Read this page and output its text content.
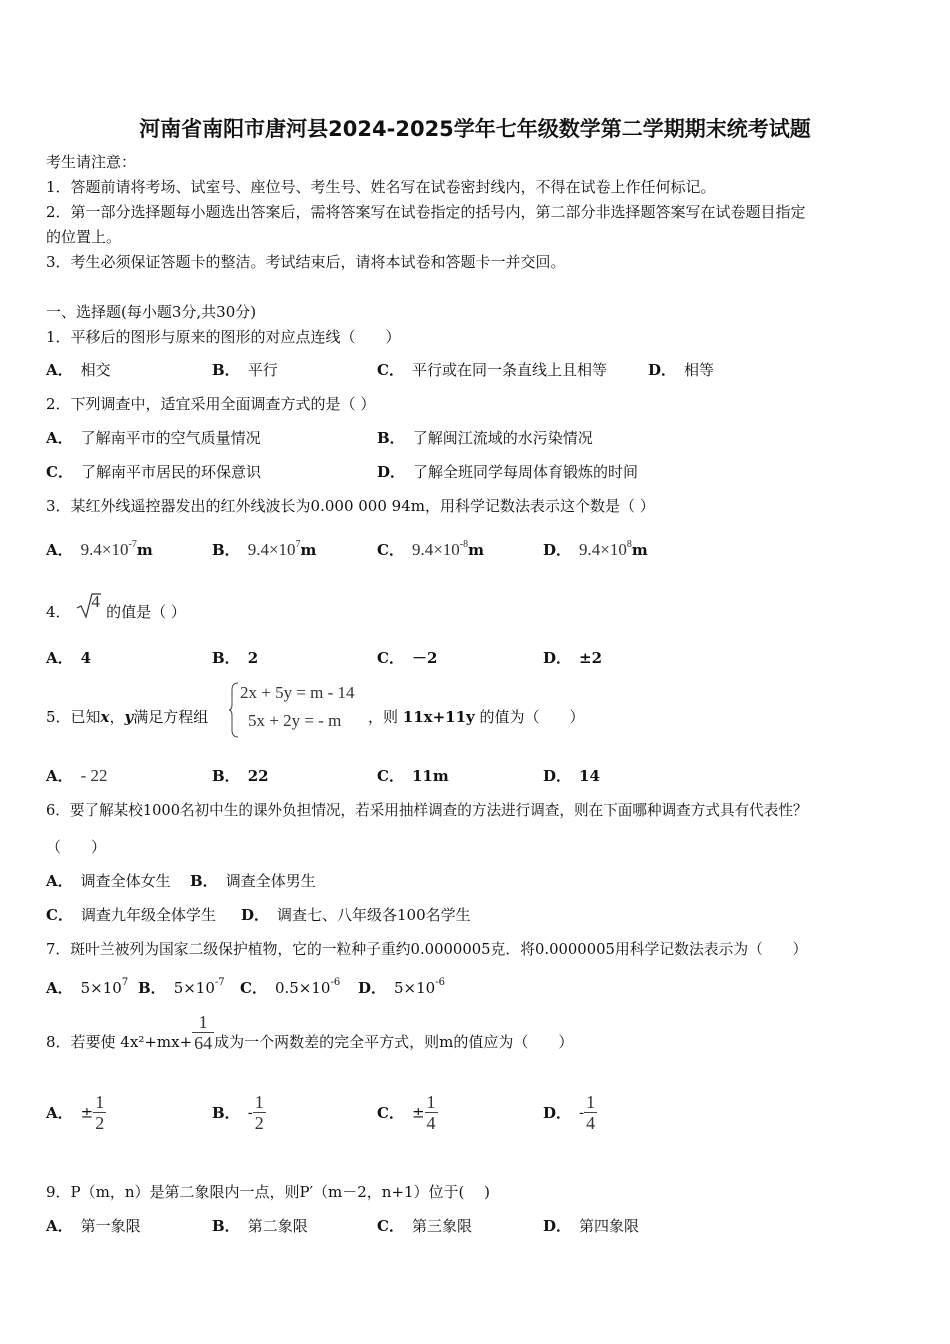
河南省南阳市唐河县2024-2025学年七年级数学第二学期期末统考试题
考生请注意：
1．答题前请将考场、试室号、座位号、考生号、姓名写在试卷密封线内，不得在试卷上作任何标记。
2．第一部分选择题每小题选出答案后，需将答案写在试卷指定的括号内，第二部分非选择题答案写在试卷题目指定
的位置上。
3．考生必须保证答题卡的整洁。考试结束后，请将本试卷和答题卡一并交回。
一、选择题(每小题3分,共30分)
1．平移后的图形与原来的图形的对应点连线（　　）
A． 相交	B． 平行	C． 平行或在同一条直线上且相等	D． 相等
2．下列调查中，适宜采用全面调查方式的是（ ）
A． 了解南平市的空气质量情况	B． 了解闽江流域的水污染情况
C． 了解南平市居民的环保意识	D． 了解全班同学每周体育锻炼的时间
3．某红外线遥控器发出的红外线波长为0.000 000 94m，用科学记数法表示这个数是（ ）
A． $9.4\times 10^{-7}m$	B． $9.4\times 10^7m$	C． $9.4\times 10^{-8}m$	D． $9.4\times 10^8m$
4．
4
的值是（ ）
A． 4	B． 2	C． －2	D． ±2
5．已知x，y满足方程组
2x + 5y = m - 14
5x + 2y = - m ，则 11x+11y 的值为（　　）
A． - 22	B． 22	C． 11m	D． 14
6．要了解某校1000名初中生的课外负担情况，若采用抽样调查的方法进行调查，则在下面哪种调查方式具有代表性？
（　　）
A． 调查全体女生 B． 调查全体男生
C． 调查九年级全体学生 D． 调查七、八年级各100名学生
7．斑叶兰被列为国家二级保护植物，它的一粒种子重约0.0000005克．将0.0000005用科学记数法表示为（　　）
A． $5\times 10^7$ B． $5\times 10^{-7}$ C． $0.5\times 10^{-6}$ D． $5\times 10^{-6}$
8．若要使 $4x^2+mx+ \frac{1}{64}$ 成为一个两数差的完全平方式，则m的值应为（　　）
A． ± $\frac{1}{2}$	B． - $\frac{1}{2}$	C． ± $\frac{1}{4}$	D． - $\frac{1}{4}$
9．P（m，n）是第二象限内一点，则P′（m－2，n+1）位于(　 )
A． 第一象限	B． 第二象限	C． 第三象限	D． 第四象限
